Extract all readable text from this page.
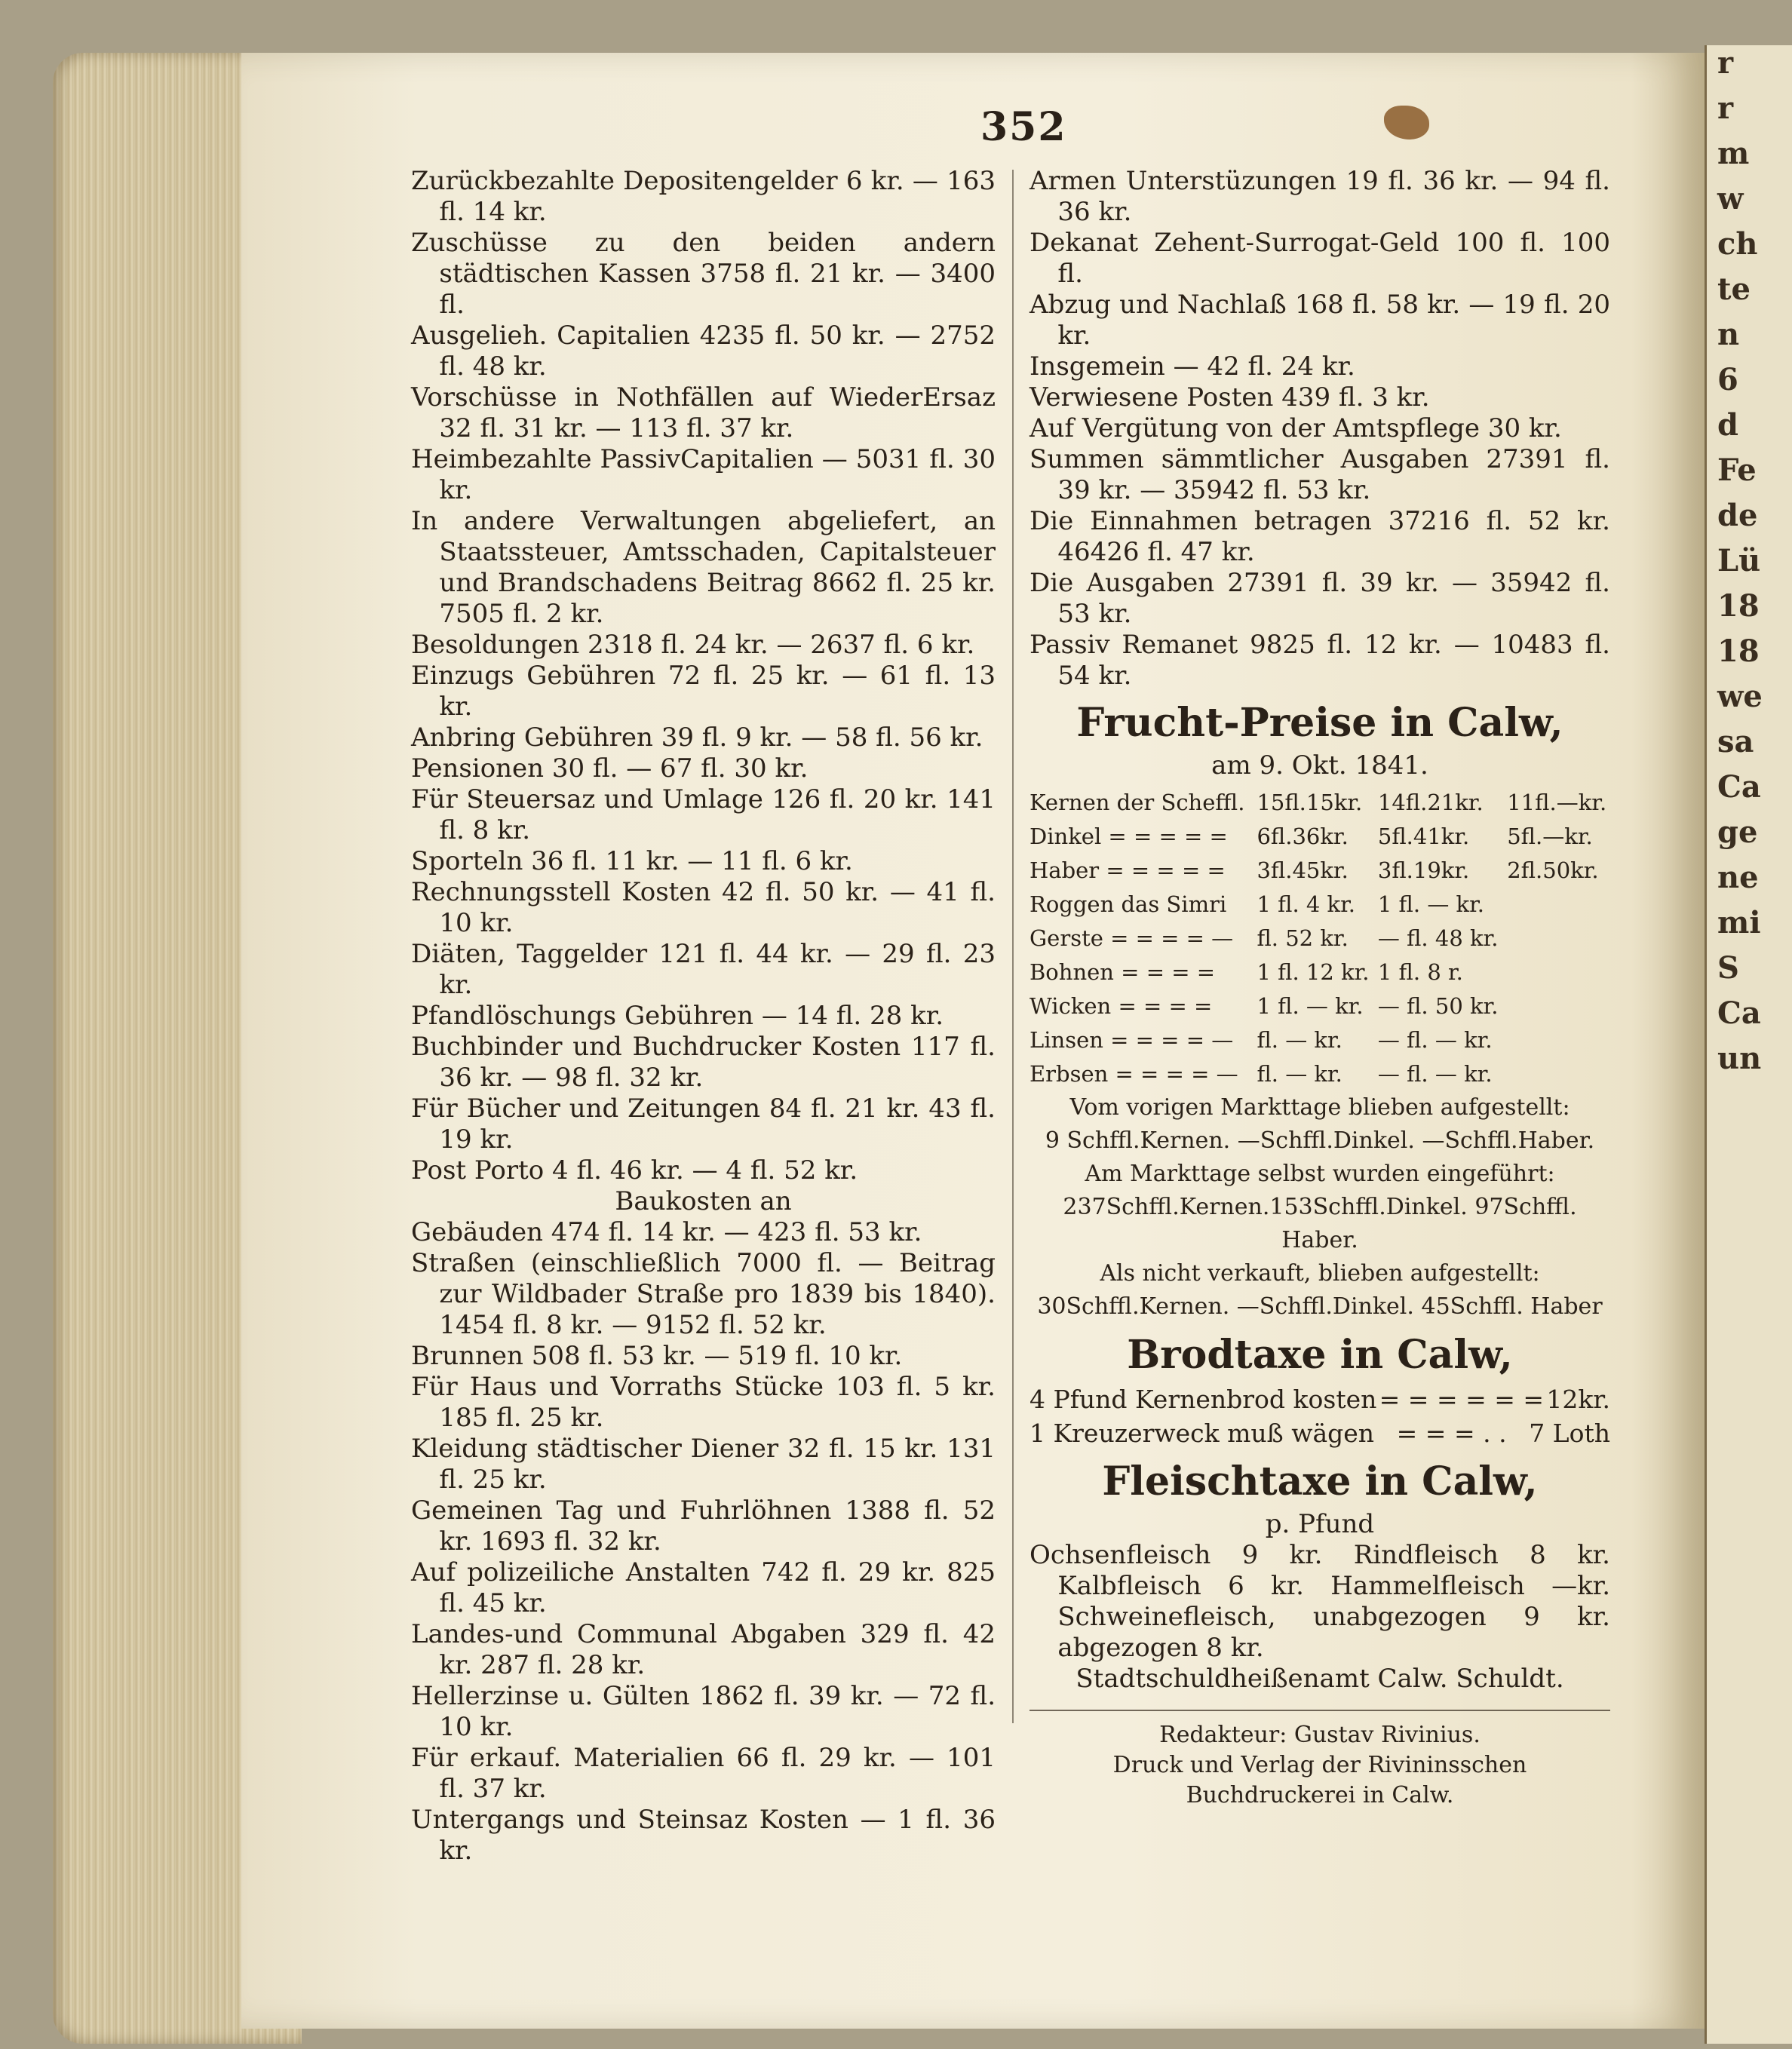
r
r
m
w
ch
te
n
6
d
Fe
de
Lü
18
18
we
sa
Ca
ge
ne
mi
S
Ca
un
352
Zurückbezahlte Depositengelder 6 kr. — 163 fl. 14 kr.
Zuschüsse zu den beiden andern städtischen Kassen 3758 fl. 21 kr. — 3400 fl.
Ausgelieh. Capitalien 4235 fl. 50 kr. — 2752 fl. 48 kr.
Vorschüsse in Nothfällen auf WiederErsaz 32 fl. 31 kr. — 113 fl. 37 kr.
Heimbezahlte PassivCapitalien — 5031 fl. 30 kr.
In andere Verwaltungen abgeliefert, an Staatssteuer, Amtsschaden, Capitalsteuer und Brandschadens Beitrag 8662 fl. 25 kr. 7505 fl. 2 kr.
Besoldungen 2318 fl. 24 kr. — 2637 fl. 6 kr.
Einzugs Gebühren 72 fl. 25 kr. — 61 fl. 13 kr.
Anbring Gebühren 39 fl. 9 kr. — 58 fl. 56 kr.
Pensionen 30 fl. — 67 fl. 30 kr.
Für Steuersaz und Umlage 126 fl. 20 kr. 141 fl. 8 kr.
Sporteln 36 fl. 11 kr. — 11 fl. 6 kr.
Rechnungsstell Kosten 42 fl. 50 kr. — 41 fl. 10 kr.
Diäten, Taggelder 121 fl. 44 kr. — 29 fl. 23 kr.
Pfandlöschungs Gebühren — 14 fl. 28 kr.
Buchbinder und Buchdrucker Kosten 117 fl. 36 kr. — 98 fl. 32 kr.
Für Bücher und Zeitungen 84 fl. 21 kr. 43 fl. 19 kr.
Post Porto 4 fl. 46 kr. — 4 fl. 52 kr.
Baukosten an
Gebäuden 474 fl. 14 kr. — 423 fl. 53 kr.
Straßen (einschließlich 7000 fl. — Beitrag zur Wildbader Straße pro 1839 bis 1840). 1454 fl. 8 kr. — 9152 fl. 52 kr.
Brunnen 508 fl. 53 kr. — 519 fl. 10 kr.
Für Haus und Vorraths Stücke 103 fl. 5 kr. 185 fl. 25 kr.
Kleidung städtischer Diener 32 fl. 15 kr. 131 fl. 25 kr.
Gemeinen Tag und Fuhrlöhnen 1388 fl. 52 kr. 1693 fl. 32 kr.
Auf polizeiliche Anstalten 742 fl. 29 kr. 825 fl. 45 kr.
Landes-und Communal Abgaben 329 fl. 42 kr. 287 fl. 28 kr.
Hellerzinse u. Gülten 1862 fl. 39 kr. — 72 fl. 10 kr.
Für erkauf. Materialien 66 fl. 29 kr. — 101 fl. 37 kr.
Untergangs und Steinsaz Kosten — 1 fl. 36 kr.
Armen Unterstüzungen 19 fl. 36 kr. — 94 fl. 36 kr.
Dekanat Zehent-Surrogat-Geld 100 fl. 100 fl.
Abzug und Nachlaß 168 fl. 58 kr. — 19 fl. 20 kr.
Insgemein — 42 fl. 24 kr.
Verwiesene Posten 439 fl. 3 kr.
Auf Vergütung von der Amtspflege 30 kr.
Summen sämmtlicher Ausgaben 27391 fl. 39 kr. — 35942 fl. 53 kr.
Die Einnahmen betragen 37216 fl. 52 kr. 46426 fl. 47 kr.
Die Ausgaben 27391 fl. 39 kr. — 35942 fl. 53 kr.
Passiv Remanet 9825 fl. 12 kr. — 10483 fl. 54 kr.
Frucht-Preise in Calw,
am 9. Okt. 1841.
Kernen der Scheffl.	15fl.15kr.	14fl.21kr.	11fl.—kr.
Dinkel = = = = =	6fl.36kr.	5fl.41kr.	5fl.—kr.
Haber = = = = =	3fl.45kr.	3fl.19kr.	2fl.50kr.
Roggen das Simri	1 fl. 4 kr.	1 fl. — kr.	
Gerste = = = = —	fl. 52 kr.	— fl. 48 kr.	
Bohnen = = = =	1 fl. 12 kr.	1 fl. 8 r.	
Wicken = = = =	1 fl. — kr.	— fl. 50 kr.	
Linsen = = = = —	fl. — kr.	— fl. — kr.	
Erbsen = = = = —	fl. — kr.	— fl. — kr.	
Vom vorigen Markttage blieben aufgestellt:
9 Schffl.Kernen. —Schffl.Dinkel. —Schffl.Haber.
Am Markttage selbst wurden eingeführt:
237Schffl.Kernen.153Schffl.Dinkel. 97Schffl. Haber.
Als nicht verkauft, blieben aufgestellt:
30Schffl.Kernen. —Schffl.Dinkel. 45Schffl. Haber
Brodtaxe in Calw,
4 Pfund Kernenbrod kosten = = = = = = 12kr.
1 Kreuzerweck muß wägen = = = . . 7 Loth
Fleischtaxe in Calw,
p. Pfund
Ochsenfleisch 9 kr. Rindfleisch 8 kr. Kalbfleisch 6 kr. Hammelfleisch —kr. Schweinefleisch, unabgezogen 9 kr. abgezogen 8 kr.
Stadtschuldheißenamt Calw. Schuldt.
Redakteur: Gustav Rivinius.
Druck und Verlag der Rivininsschen Buchdruckerei in Calw.
